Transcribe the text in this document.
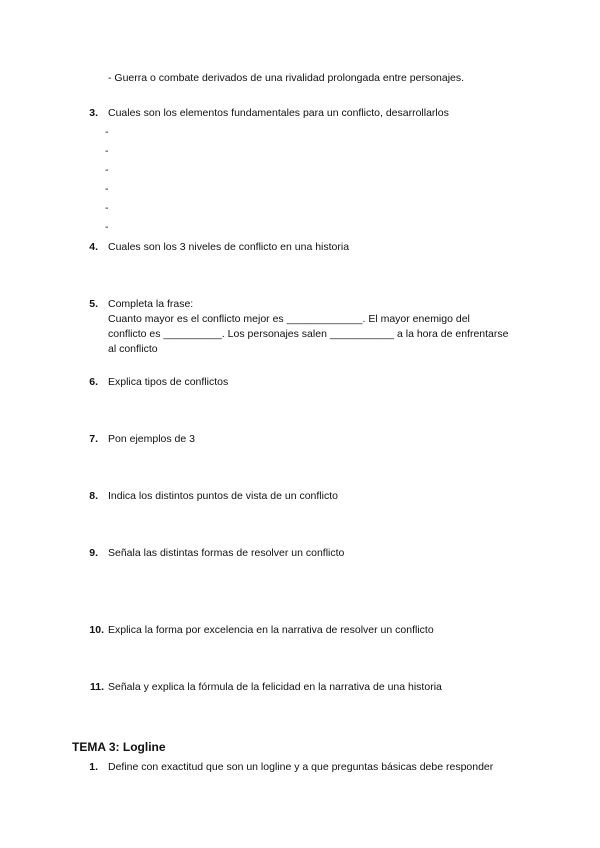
- Guerra o combate derivados de una rivalidad prolongada entre personajes.
3. Cuales son los elementos fundamentales para un conflicto, desarrollarlos
-
-
-
-
-
-
4. Cuales son los 3 niveles de conflicto en una historia
5. Completa la frase:
Cuanto mayor es el conflicto mejor es _____________. El mayor enemigo del
conflicto es __________. Los personajes salen ___________ a la hora de enfrentarse
al conflicto
6. Explica tipos de conflictos
7. Pon ejemplos de 3
8. Indica los distintos puntos de vista de un conflicto
9. Señala las distintas formas de resolver un conflicto
10. Explica la forma por excelencia en la narrativa de resolver un conflicto
11. Señala y explica la fórmula de la felicidad en la narrativa de una historia
TEMA 3: Logline
1. Define con exactitud que son un logline y a que preguntas básicas debe responder
